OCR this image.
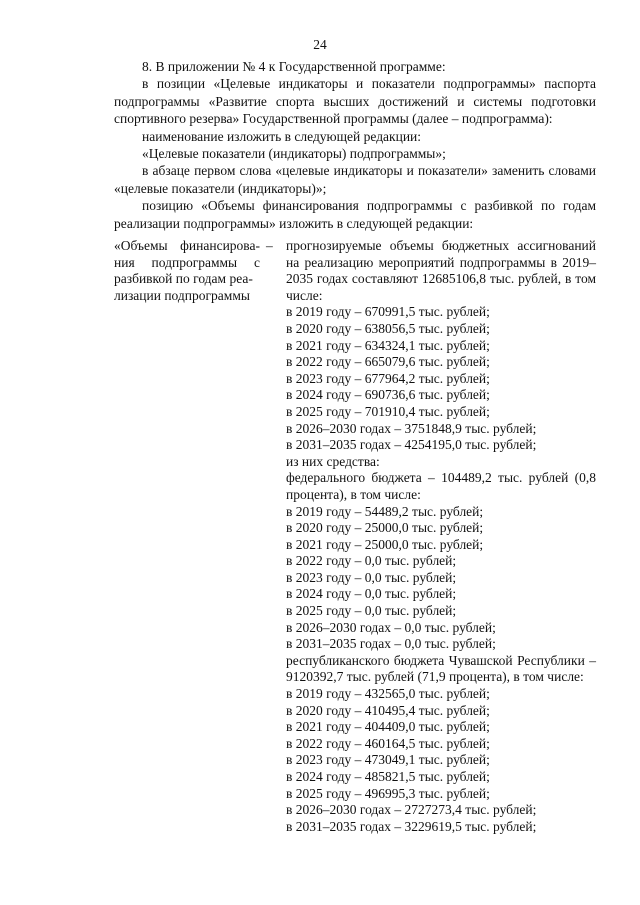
24

8. В приложении № 4 к Государственной программе:

в позиции «Целевые индикаторы и показатели подпрограммы» паспорта подпрограммы «Развитие спорта высших достижений и системы подготовки спортивного резерва» Государственной программы (далее – подпрограмма):

наименование изложить в следующей редакции:

«Целевые показатели (индикаторы) подпрограммы»;

в абзаце первом слова «целевые индикаторы и показатели» заменить словами «целевые показатели (индикаторы)»;

позицию «Объемы финансирования подпрограммы с разбивкой по годам реализации подпрограммы» изложить в следующей редакции:

«Объемы финансирова-
ния подпрограммы с
разбивкой по годам реа-
лизации подпрограммы
– прогнозируемые объемы бюджетных ассигнований на реализацию мероприятий подпрограммы в 2019–2035 годах составляют 12685106,8 тыс. рублей, в том числе:

в 2019 году – 670991,5 тыс. рублей;

в 2020 году – 638056,5 тыс. рублей;

в 2021 году – 634324,1 тыс. рублей;

в 2022 году – 665079,6 тыс. рублей;

в 2023 году – 677964,2 тыс. рублей;

в 2024 году – 690736,6 тыс. рублей;

в 2025 году – 701910,4 тыс. рублей;

в 2026–2030 годах – 3751848,9 тыс. рублей;

в 2031–2035 годах – 4254195,0 тыс. рублей;

из них средства:

федерального бюджета – 104489,2 тыс. рублей (0,8 процента), в том числе:

в 2019 году – 54489,2 тыс. рублей;

в 2020 году – 25000,0 тыс. рублей;

в 2021 году – 25000,0 тыс. рублей;

в 2022 году – 0,0 тыс. рублей;

в 2023 году – 0,0 тыс. рублей;

в 2024 году – 0,0 тыс. рублей;

в 2025 году – 0,0 тыс. рублей;

в 2026–2030 годах – 0,0 тыс. рублей;

в 2031–2035 годах – 0,0 тыс. рублей;

республиканского бюджета Чувашской Республики – 9120392,7 тыс. рублей (71,9 процента), в том числе:

в 2019 году – 432565,0 тыс. рублей;

в 2020 году – 410495,4 тыс. рублей;

в 2021 году – 404409,0 тыс. рублей;

в 2022 году – 460164,5 тыс. рублей;

в 2023 году – 473049,1 тыс. рублей;

в 2024 году – 485821,5 тыс. рублей;

в 2025 году – 496995,3 тыс. рублей;

в 2026–2030 годах – 2727273,4 тыс. рублей;

в 2031–2035 годах – 3229619,5 тыс. рублей;
